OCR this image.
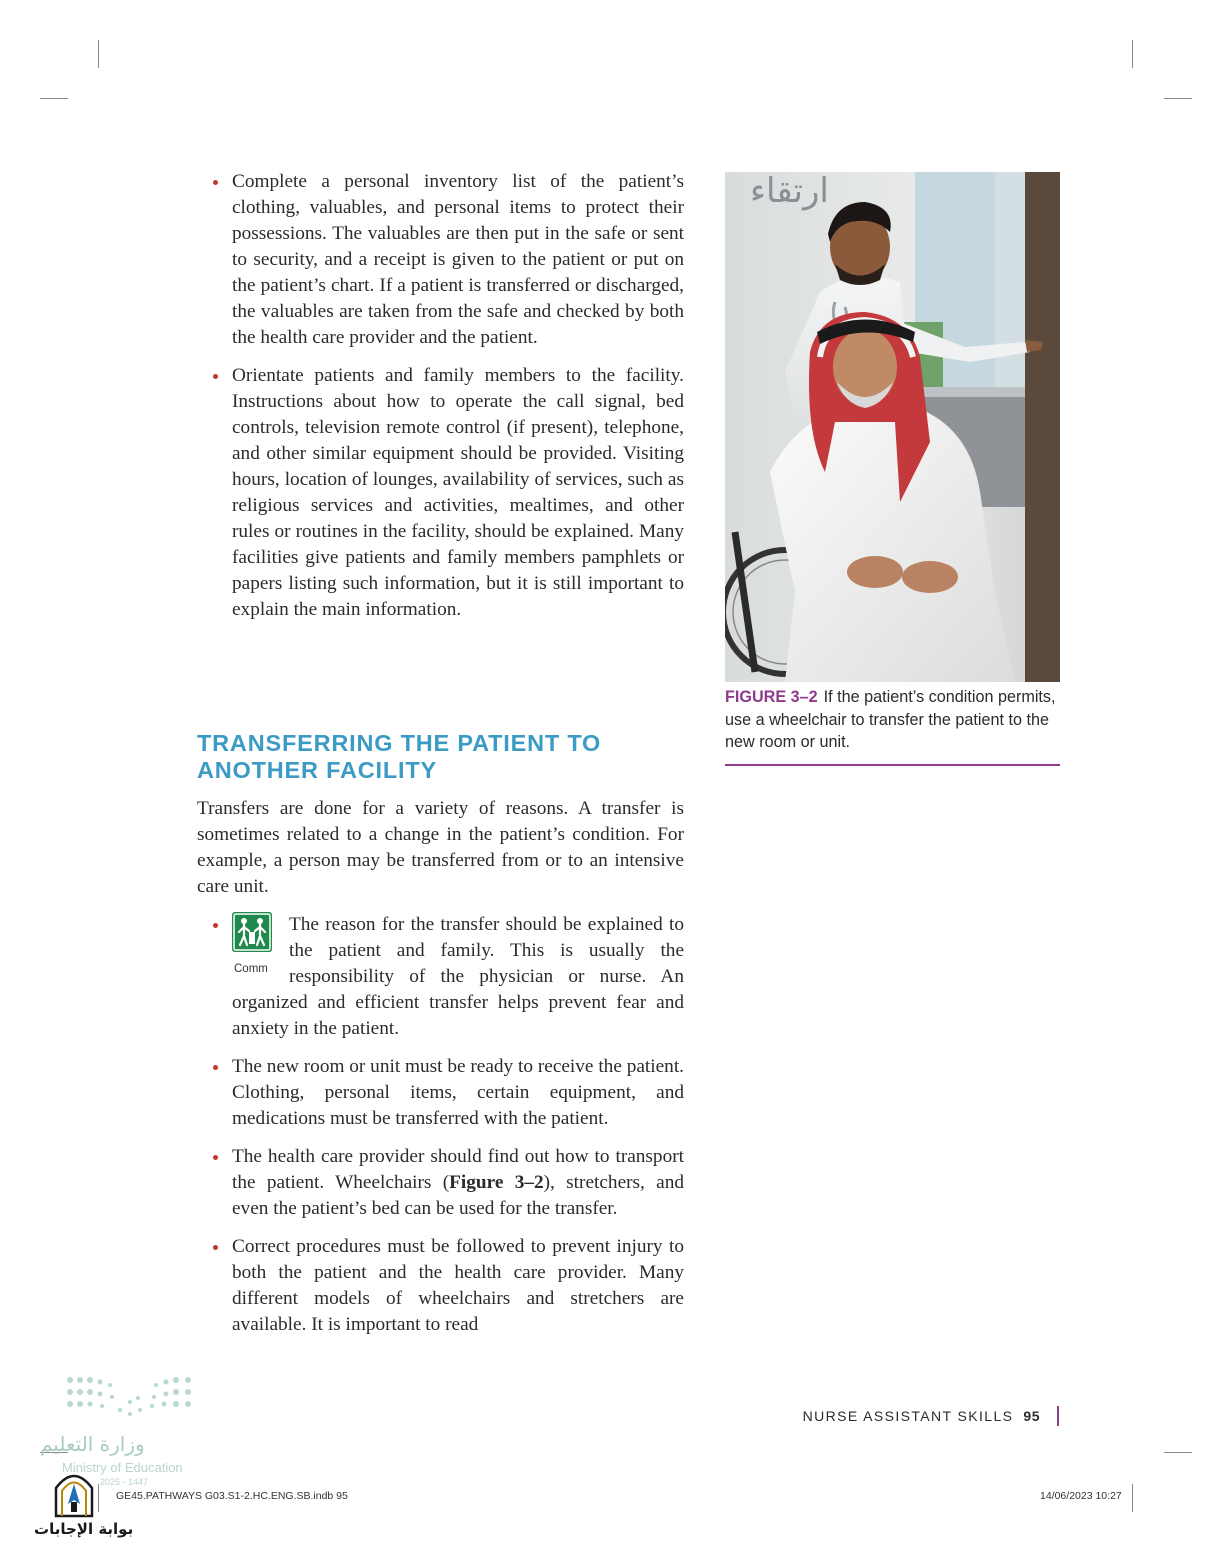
Complete a personal inventory list of the patient’s clothing, valuables, and personal items to protect their possessions. The valuables are then put in the safe or sent to security, and a receipt is given to the patient or put on the patient’s chart. If a patient is transferred or discharged, the valuables are taken from the safe and checked by both the health care provider and the patient.
Orientate patients and family members to the facility. Instructions about how to operate the call signal, bed controls, television remote control (if present), telephone, and other similar equipment should be provided. Visiting hours, location of lounges, availability of services, such as religious services and activities, mealtimes, and other rules or routines in the facility, should be explained. Many facilities give patients and family members pamphlets or papers listing such information, but it is still important to explain the main information.
TRANSFERRING THE PATIENT TO ANOTHER FACILITY

Transfers are done for a variety of reasons. A transfer is sometimes related to a change in the patient’s condition. For example, a person may be transferred from or to an intensive care unit.

Comm
The reason for the transfer should be explained to the patient and family. This is usually the responsibility of the physician or nurse. An organized and efficient transfer helps prevent fear and anxiety in the patient.
The new room or unit must be ready to receive the patient. Clothing, personal items, certain equipment, and medications must be transferred with the patient.
The health care provider should find out how to transport the patient. Wheelchairs (Figure 3–2), stretchers, and even the patient’s bed can be used for the transfer.
Correct procedures must be followed to prevent injury to both the patient and the health care provider. Many different models of wheelchairs and stretchers are available. It is important to read
ارتقاء

FIGURE 3–2 If the patient’s condition permits, use a wheelchair to transfer the patient to the new room or unit.

NURSE ASSISTANT SKILLS 95
GE45.PATHWAYS G03.S1-2.HC.ENG.SB.indb 95	14/06/2023 10:27
وزارة التعليم
Ministry of Education
2025 - 1447
بوابة الإجابات
